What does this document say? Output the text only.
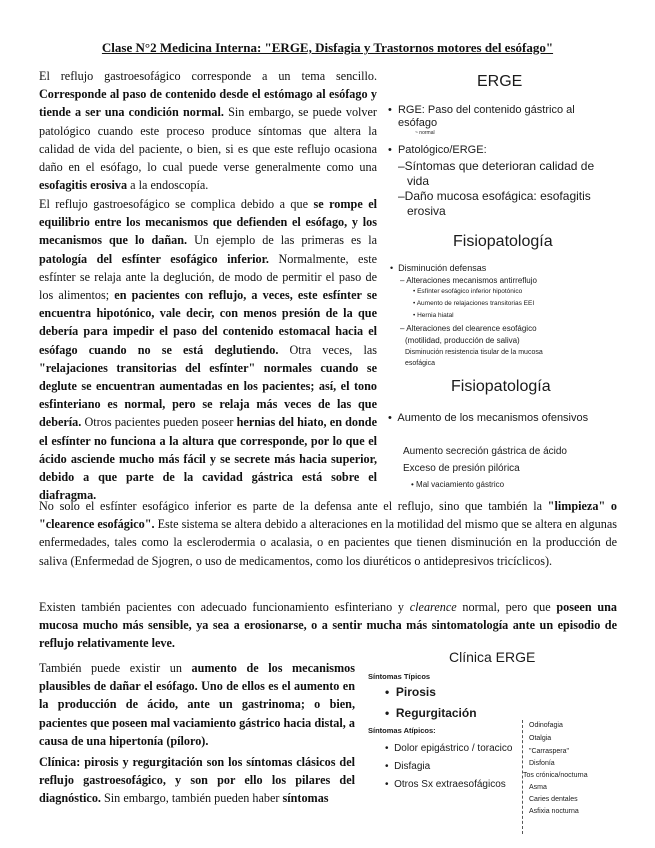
Clase N°2 Medicina Interna: "ERGE, Disfagia y Trastornos motores del esófago"
El reflujo gastroesofágico corresponde a un tema sencillo. Corresponde al paso de contenido desde el estómago al esófago y tiende a ser una condición normal. Sin embargo, se puede volver patológico cuando este proceso produce síntomas que altera la calidad de vida del paciente, o bien, si es que este reflujo ocasiona daño en el esófago, lo cual puede verse generalmente como una esofagitis erosiva a la endoscopía.
El reflujo gastroesofágico se complica debido a que se rompe el equilibrio entre los mecanismos que defienden el esófago, y los mecanismos que lo dañan. Un ejemplo de las primeras es la patología del esfínter esofágico inferior. Normalmente, este esfínter se relaja ante la deglución, de modo de permitir el paso de los alimentos; en pacientes con reflujo, a veces, este esfínter se encuentra hipotónico, vale decir, con menos presión de la que debería para impedir el paso del contenido estomacal hacia el esófago cuando no se está deglutiendo. Otra veces, las "relajaciones transitorias del esfínter" normales cuando se deglute se encuentran aumentadas en los pacientes; así, el tono esfinteriano es normal, pero se relaja más veces de las que debería. Otros pacientes pueden poseer hernias del hiato, en donde el esfínter no funciona a la altura que corresponde, por lo que el ácido asciende mucho más fácil y se secrete más hacia superior, debido a que parte de la cavidad gástrica está sobre el diafragma.
No solo el esfínter esofágico inferior es parte de la defensa ante el reflujo, sino que también la "limpieza" o "clearence esofágico". Este sistema se altera debido a alteraciones en la motilidad del mismo que se altera en algunas enfermedades, tales como la esclerodermia o acalasia, o en pacientes que tienen disminución en la producción de saliva (Enfermedad de Sjogren, o uso de medicamentos, como los diuréticos o antidepresivos tricíclicos).
Existen también pacientes con adecuado funcionamiento esfinteriano y clearence normal, pero que poseen una mucosa mucho más sensible, ya sea a erosionarse, o a sentir mucha más sintomatología ante un episodio de reflujo relativamente leve.
También puede existir un aumento de los mecanismos plausibles de dañar el esófago. Uno de ellos es el aumento en la producción de ácido, ante un gastrinoma; o bien, pacientes que poseen mal vaciamiento gástrico hacia distal, a causa de una hipertonía (píloro).
Clínica: pirosis y regurgitación son los síntomas clásicos del reflujo gastroesofágico, y son por ello los pilares del diagnóstico. Sin embargo, también pueden haber síntomas
ERGE
•  RGE: Paso del contenido gástrico al
esófago
~ normal
•  Patológico/ERGE:
–Síntomas que deterioran calidad de
vida
–Daño mucosa esofágica: esofagitis
erosiva
Fisiopatología
•  Disminución defensas
– Alteraciones mecanismos antirreflujo
• Esfínter esofágico inferior hipotónico
• Aumento de relajaciones transitorias EEI
• Hernia hiatal
– Alteraciones del clearence esofágico
(motilidad, producción de saliva)
Disminución resistencia tisular de la mucosa
esofágica
Fisiopatología
•  Aumento de los mecanismos ofensivos
Aumento secreción gástrica de ácido
Exceso de presión pilórica
• Mal vaciamiento gástrico
Clínica ERGE
Síntomas Típicos
•  Pirosis
•  Regurgitación
Síntomas Atípicos:
•  Dolor epigástrico / toracico
•  Disfagia
•  Otros Sx extraesofágicos
Odinofagia
Otalgia
"Carraspera"
Disfonía
Tos crónica/nocturna
Asma
Caries dentales
Asfixia nocturna
